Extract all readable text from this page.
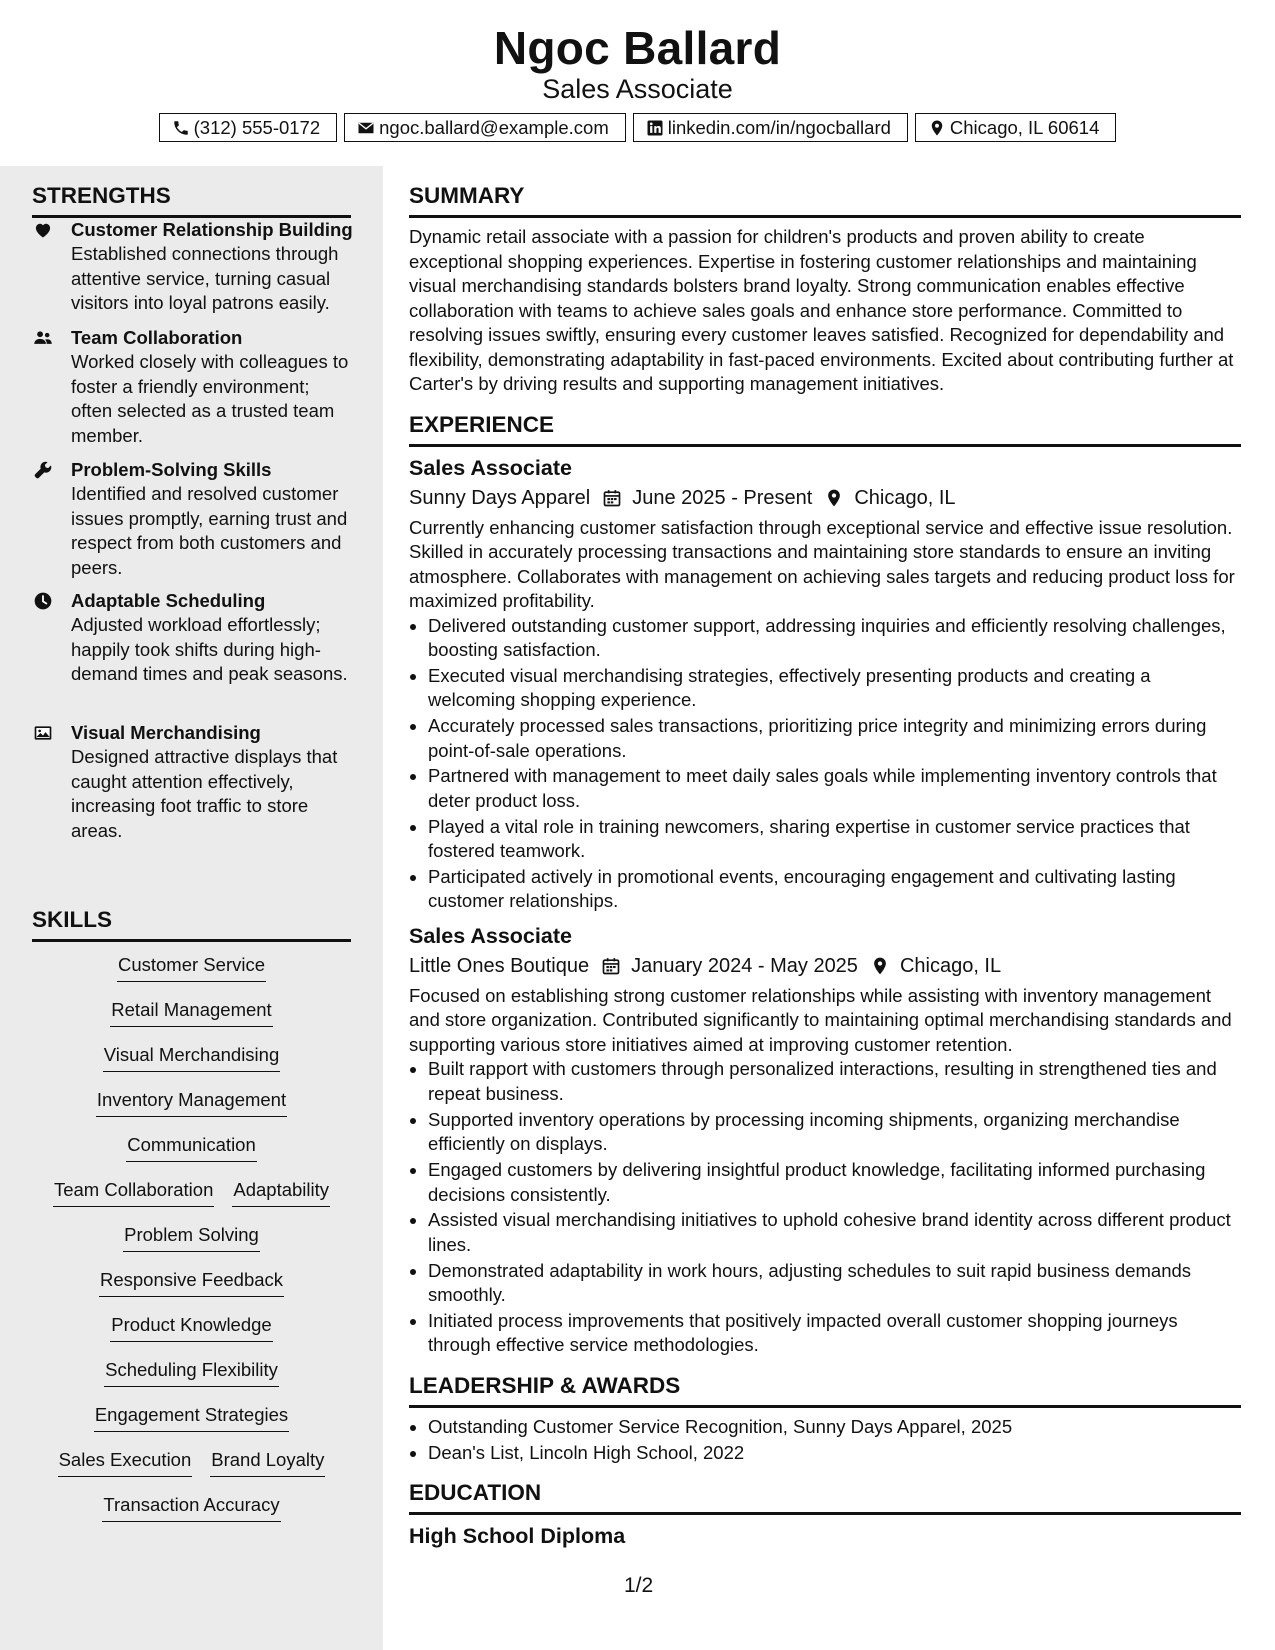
Ngoc Ballard
Sales Associate
(312) 555-0172	ngoc.ballard@example.com	linkedin.com/in/ngocballard	Chicago, IL 60614
STRENGTHS
Customer Relationship Building
Established connections through attentive service, turning casual visitors into loyal patrons easily.
Team Collaboration
Worked closely with colleagues to foster a friendly environment; often selected as a trusted team member.
Problem-Solving Skills
Identified and resolved customer issues promptly, earning trust and respect from both customers and peers.
Adaptable Scheduling
Adjusted workload effortlessly; happily took shifts during high-demand times and peak seasons.
Visual Merchandising
Designed attractive displays that caught attention effectively, increasing foot traffic to store areas.
SKILLS
Customer Service
Retail Management
Visual Merchandising
Inventory Management
Communication
Team Collaboration Adaptability
Problem Solving
Responsive Feedback
Product Knowledge
Scheduling Flexibility
Engagement Strategies
Sales Execution Brand Loyalty
Transaction Accuracy
SUMMARY
Dynamic retail associate with a passion for children's products and proven ability to create exceptional shopping experiences. Expertise in fostering customer relationships and maintaining visual merchandising standards bolsters brand loyalty. Strong communication enables effective collaboration with teams to achieve sales goals and enhance store performance. Committed to resolving issues swiftly, ensuring every customer leaves satisfied. Recognized for dependability and flexibility, demonstrating adaptability in fast-paced environments. Excited about contributing further at Carter's by driving results and supporting management initiatives.
EXPERIENCE
Sales Associate
Sunny Days Apparel June 2025 - Present Chicago, IL
Currently enhancing customer satisfaction through exceptional service and effective issue resolution. Skilled in accurately processing transactions and maintaining store standards to ensure an inviting atmosphere. Collaborates with management on achieving sales targets and reducing product loss for maximized profitability.
• Delivered outstanding customer support, addressing inquiries and efficiently resolving challenges, boosting satisfaction.
• Executed visual merchandising strategies, effectively presenting products and creating a welcoming shopping experience.
• Accurately processed sales transactions, prioritizing price integrity and minimizing errors during point-of-sale operations.
• Partnered with management to meet daily sales goals while implementing inventory controls that deter product loss.
• Played a vital role in training newcomers, sharing expertise in customer service practices that fostered teamwork.
• Participated actively in promotional events, encouraging engagement and cultivating lasting customer relationships.
Sales Associate
Little Ones Boutique January 2024 - May 2025 Chicago, IL
Focused on establishing strong customer relationships while assisting with inventory management and store organization. Contributed significantly to maintaining optimal merchandising standards and supporting various store initiatives aimed at improving customer retention.
• Built rapport with customers through personalized interactions, resulting in strengthened ties and repeat business.
• Supported inventory operations by processing incoming shipments, organizing merchandise efficiently on displays.
• Engaged customers by delivering insightful product knowledge, facilitating informed purchasing decisions consistently.
• Assisted visual merchandising initiatives to uphold cohesive brand identity across different product lines.
• Demonstrated adaptability in work hours, adjusting schedules to suit rapid business demands smoothly.
• Initiated process improvements that positively impacted overall customer shopping journeys through effective service methodologies.
LEADERSHIP & AWARDS
• Outstanding Customer Service Recognition, Sunny Days Apparel, 2025
• Dean's List, Lincoln High School, 2022
EDUCATION
High School Diploma
1/2
